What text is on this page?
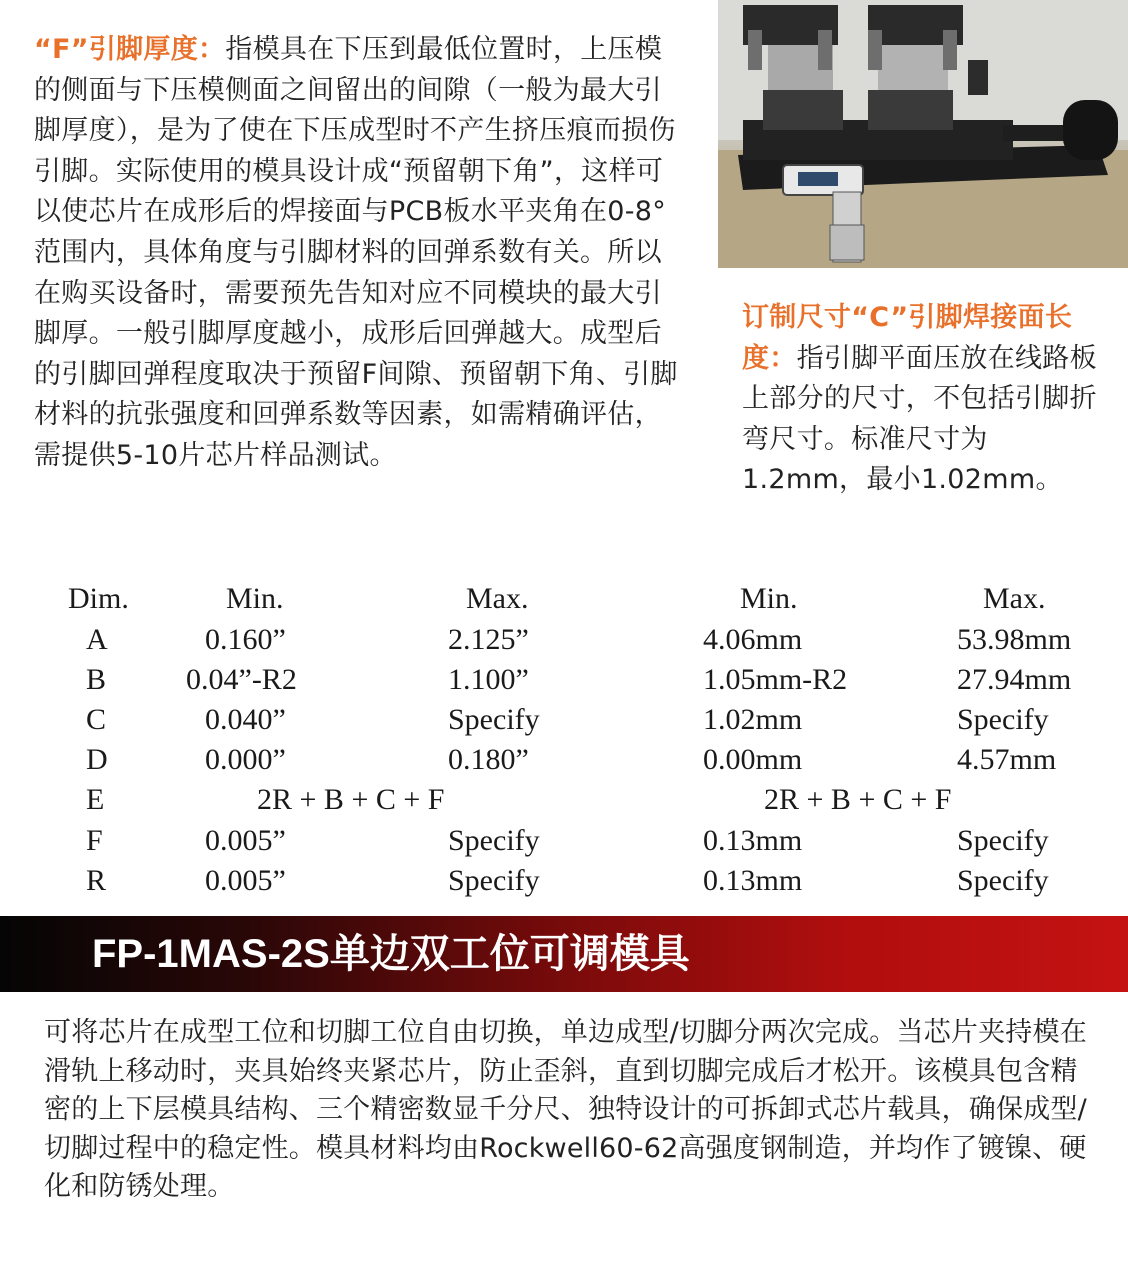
“F”引脚厚度：指模具在下压到最低位置时，上压模的侧面与下压模侧面之间留出的间隙（一般为最大引脚厚度），是为了使在下压成型时不产生挤压痕而损伤引脚。实际使用的模具设计成“预留朝下角”，这样可以使芯片在成形后的焊接面与PCB板水平夹角在0-8°范围内，具体角度与引脚材料的回弹系数有关。所以在购买设备时，需要预先告知对应不同模块的最大引脚厚。一般引脚厚度越小，成形后回弹越大。成型后的引脚回弹程度取决于预留F间隙、预留朝下角、引脚材料的抗张强度和回弹系数等因素，如需精确评估，需提供5-10片芯片样品测试。
订制尺寸“C”引脚焊接面长度：指引脚平面压放在线路板上部分的尺寸，不包括引脚折弯尺寸。标准尺寸为1.2mm，最小1.02mm。
Dim.	Min.	Max.	Min.	Max.
A	0.160”	2.125”	4.06mm	53.98mm
B	0.04”-R2	1.100”	1.05mm-R2	27.94mm
C	0.040”	Specify	1.02mm	Specify
D	0.000”	0.180”	0.00mm	4.57mm
E	2R + B + C + F	2R + B + C + F
F	0.005”	Specify	0.13mm	Specify
R	0.005”	Specify	0.13mm	Specify
FP-1MAS-2S单边双工位可调模具
可将芯片在成型工位和切脚工位自由切换，单边成型/切脚分两次完成。当芯片夹持模在滑轨上移动时，夹具始终夹紧芯片，防止歪斜，直到切脚完成后才松开。该模具包含精密的上下层模具结构、三个精密数显千分尺、独特设计的可拆卸式芯片载具，确保成型/切脚过程中的稳定性。模具材料均由Rockwell60-62高强度钢制造，并均作了镀镍、硬化和防锈处理。
